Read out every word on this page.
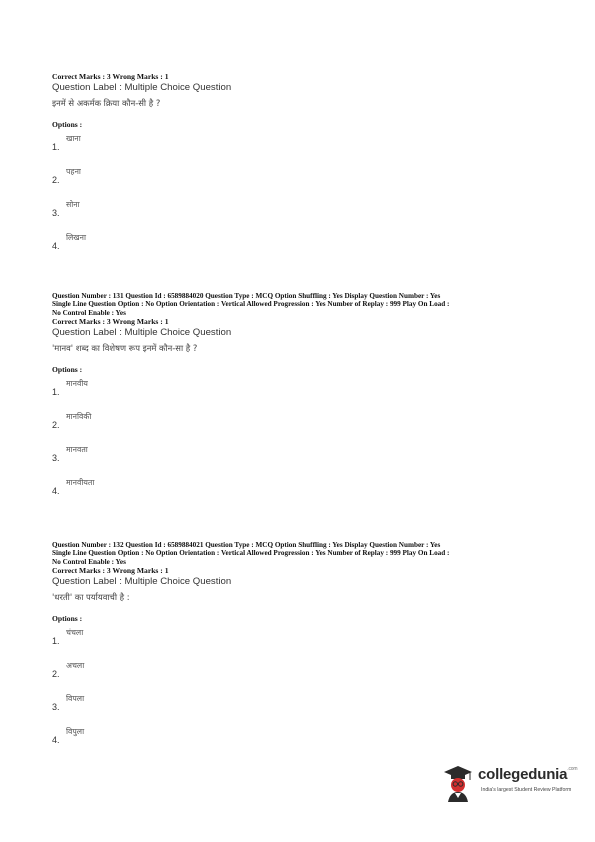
Correct Marks : 3 Wrong Marks : 1
Question Label : Multiple Choice Question
इनमें से अकर्मक क्रिया कौन-सी है ?
Options :
1.
खाना
2.
पहना
3.
सोना
4.
लिखना
Question Number : 131 Question Id : 6589884020 Question Type : MCQ Option Shuffling : Yes Display Question Number : Yes
Single Line Question Option : No Option Orientation : Vertical Allowed Progression : Yes Number of Replay : 999 Play On Load :
No Control Enable : Yes
Correct Marks : 3 Wrong Marks : 1
Question Label : Multiple Choice Question
'मानव' शब्द का विशेषण रूप इनमें कौन-सा है ?
Options :
1.
मानवीय
2.
मानविकी
3.
मानवता
4.
मानवीयता
Question Number : 132 Question Id : 6589884021 Question Type : MCQ Option Shuffling : Yes Display Question Number : Yes
Single Line Question Option : No Option Orientation : Vertical Allowed Progression : Yes Number of Replay : 999 Play On Load :
No Control Enable : Yes
Correct Marks : 3 Wrong Marks : 1
Question Label : Multiple Choice Question
'धरती' का पर्यायवाची है :
Options :
1.
चंचला
2.
अचला
3.
विपला
4.
विपुला
collegedunia$^{.com}$
India's largest Student Review Platform
